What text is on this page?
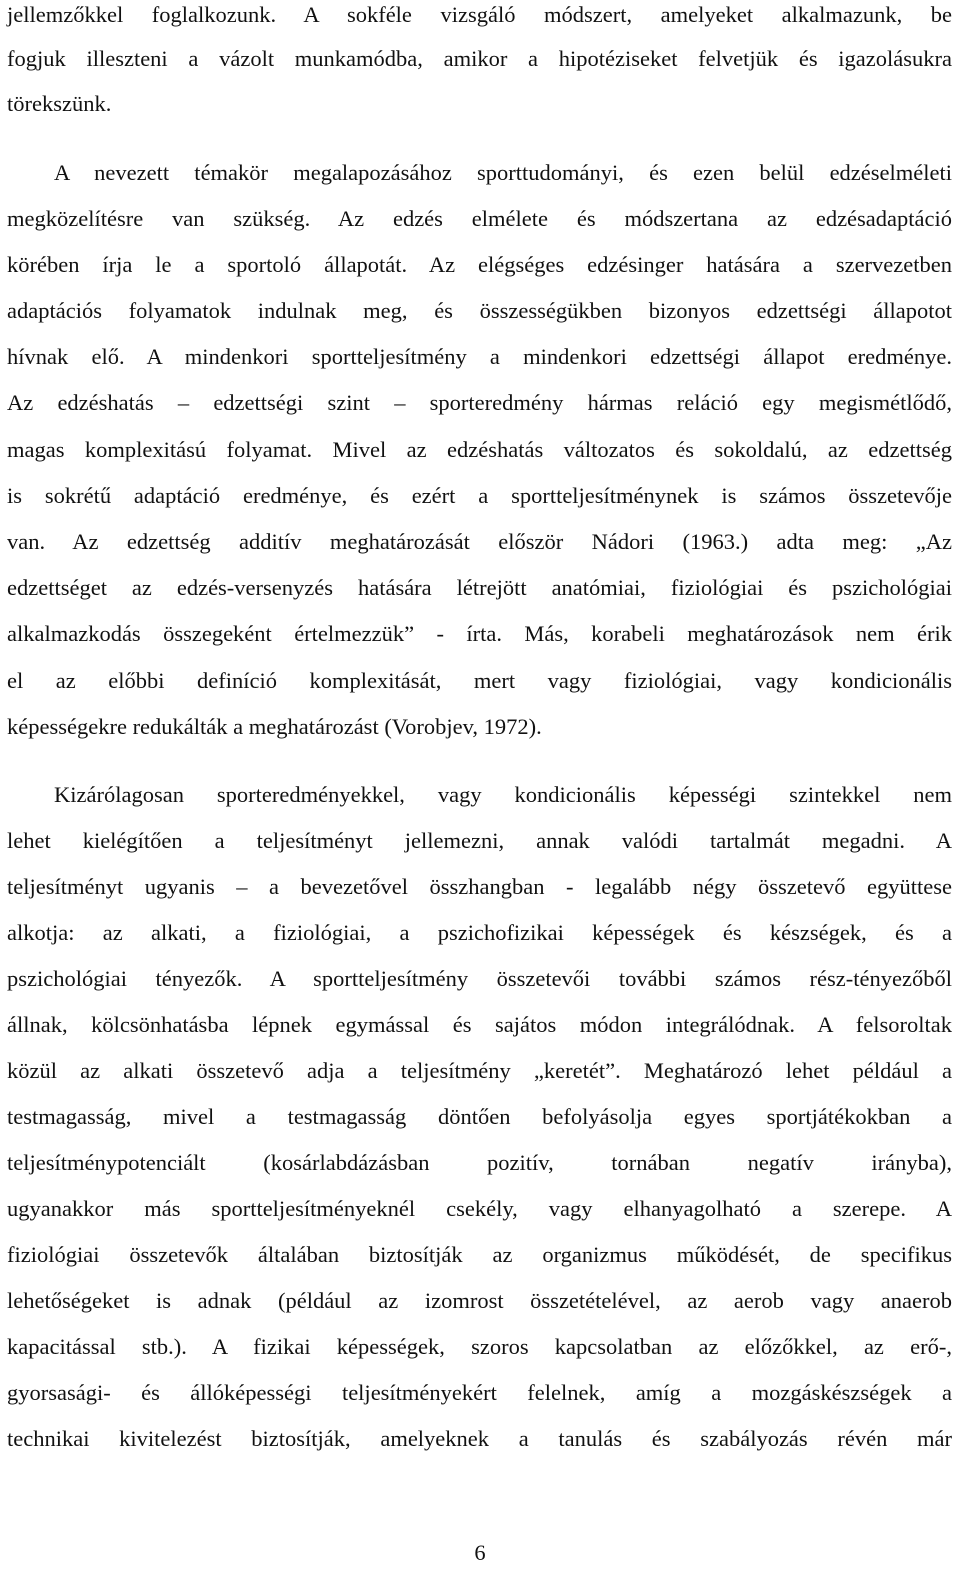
jellemzőkkel foglalkozunk. A sokféle vizsgáló módszert, amelyeket alkalmazunk, be
fogjuk illeszteni a vázolt munkamódba, amikor a hipotéziseket felvetjük és igazolásukra
törekszünk.
A nevezett témakör megalapozásához sporttudományi, és ezen belül edzéselméleti
megközelítésre van szükség. Az edzés elmélete és módszertana az edzésadaptáció
körében írja le a sportoló állapotát. Az elégséges edzésinger hatására a szervezetben
adaptációs folyamatok indulnak meg, és összességükben bizonyos edzettségi állapotot
hívnak elő. A mindenkori sportteljesítmény a mindenkori edzettségi állapot eredménye.
Az edzéshatás – edzettségi szint – sporteredmény hármas reláció egy megismétlődő,
magas komplexitású folyamat. Mivel az edzéshatás változatos és sokoldalú, az edzettség
is sokrétű adaptáció eredménye, és ezért a sportteljesítménynek is számos összetevője
van. Az edzettség additív meghatározását először Nádori (1963.) adta meg: „Az
edzettséget az edzés-versenyzés hatására létrejött anatómiai, fiziológiai és pszichológiai
alkalmazkodás összegeként értelmezzük” - írta. Más, korabeli meghatározások nem érik
el az előbbi definíció komplexitását, mert vagy fiziológiai, vagy kondicionális
képességekre redukálták a meghatározást (Vorobjev, 1972).
Kizárólagosan sporteredményekkel, vagy kondicionális képességi szintekkel nem
lehet kielégítően a teljesítményt jellemezni, annak valódi tartalmát megadni. A
teljesítményt ugyanis – a bevezetővel összhangban - legalább négy összetevő együttese
alkotja: az alkati, a fiziológiai, a pszichofizikai képességek és készségek, és a
pszichológiai tényezők. A sportteljesítmény összetevői további számos rész-tényezőből
állnak, kölcsönhatásba lépnek egymással és sajátos módon integrálódnak. A felsoroltak
közül az alkati összetevő adja a teljesítmény „keretét”. Meghatározó lehet például a
testmagasság, mivel a testmagasság döntően befolyásolja egyes sportjátékokban a
teljesítménypotenciált (kosárlabdázásban pozitív, tornában negatív irányba),
ugyanakkor más sportteljesítményeknél csekély, vagy elhanyagolható a szerepe. A
fiziológiai összetevők általában biztosítják az organizmus működését, de specifikus
lehetőségeket is adnak (például az izomrost összetételével, az aerob vagy anaerob
kapacitással stb.). A fizikai képességek, szoros kapcsolatban az előzőkkel, az erő-,
gyorsasági- és állóképességi teljesítményekért felelnek, amíg a mozgáskészségek a
technikai kivitelezést biztosítják, amelyeknek a tanulás és szabályozás révén már
6
